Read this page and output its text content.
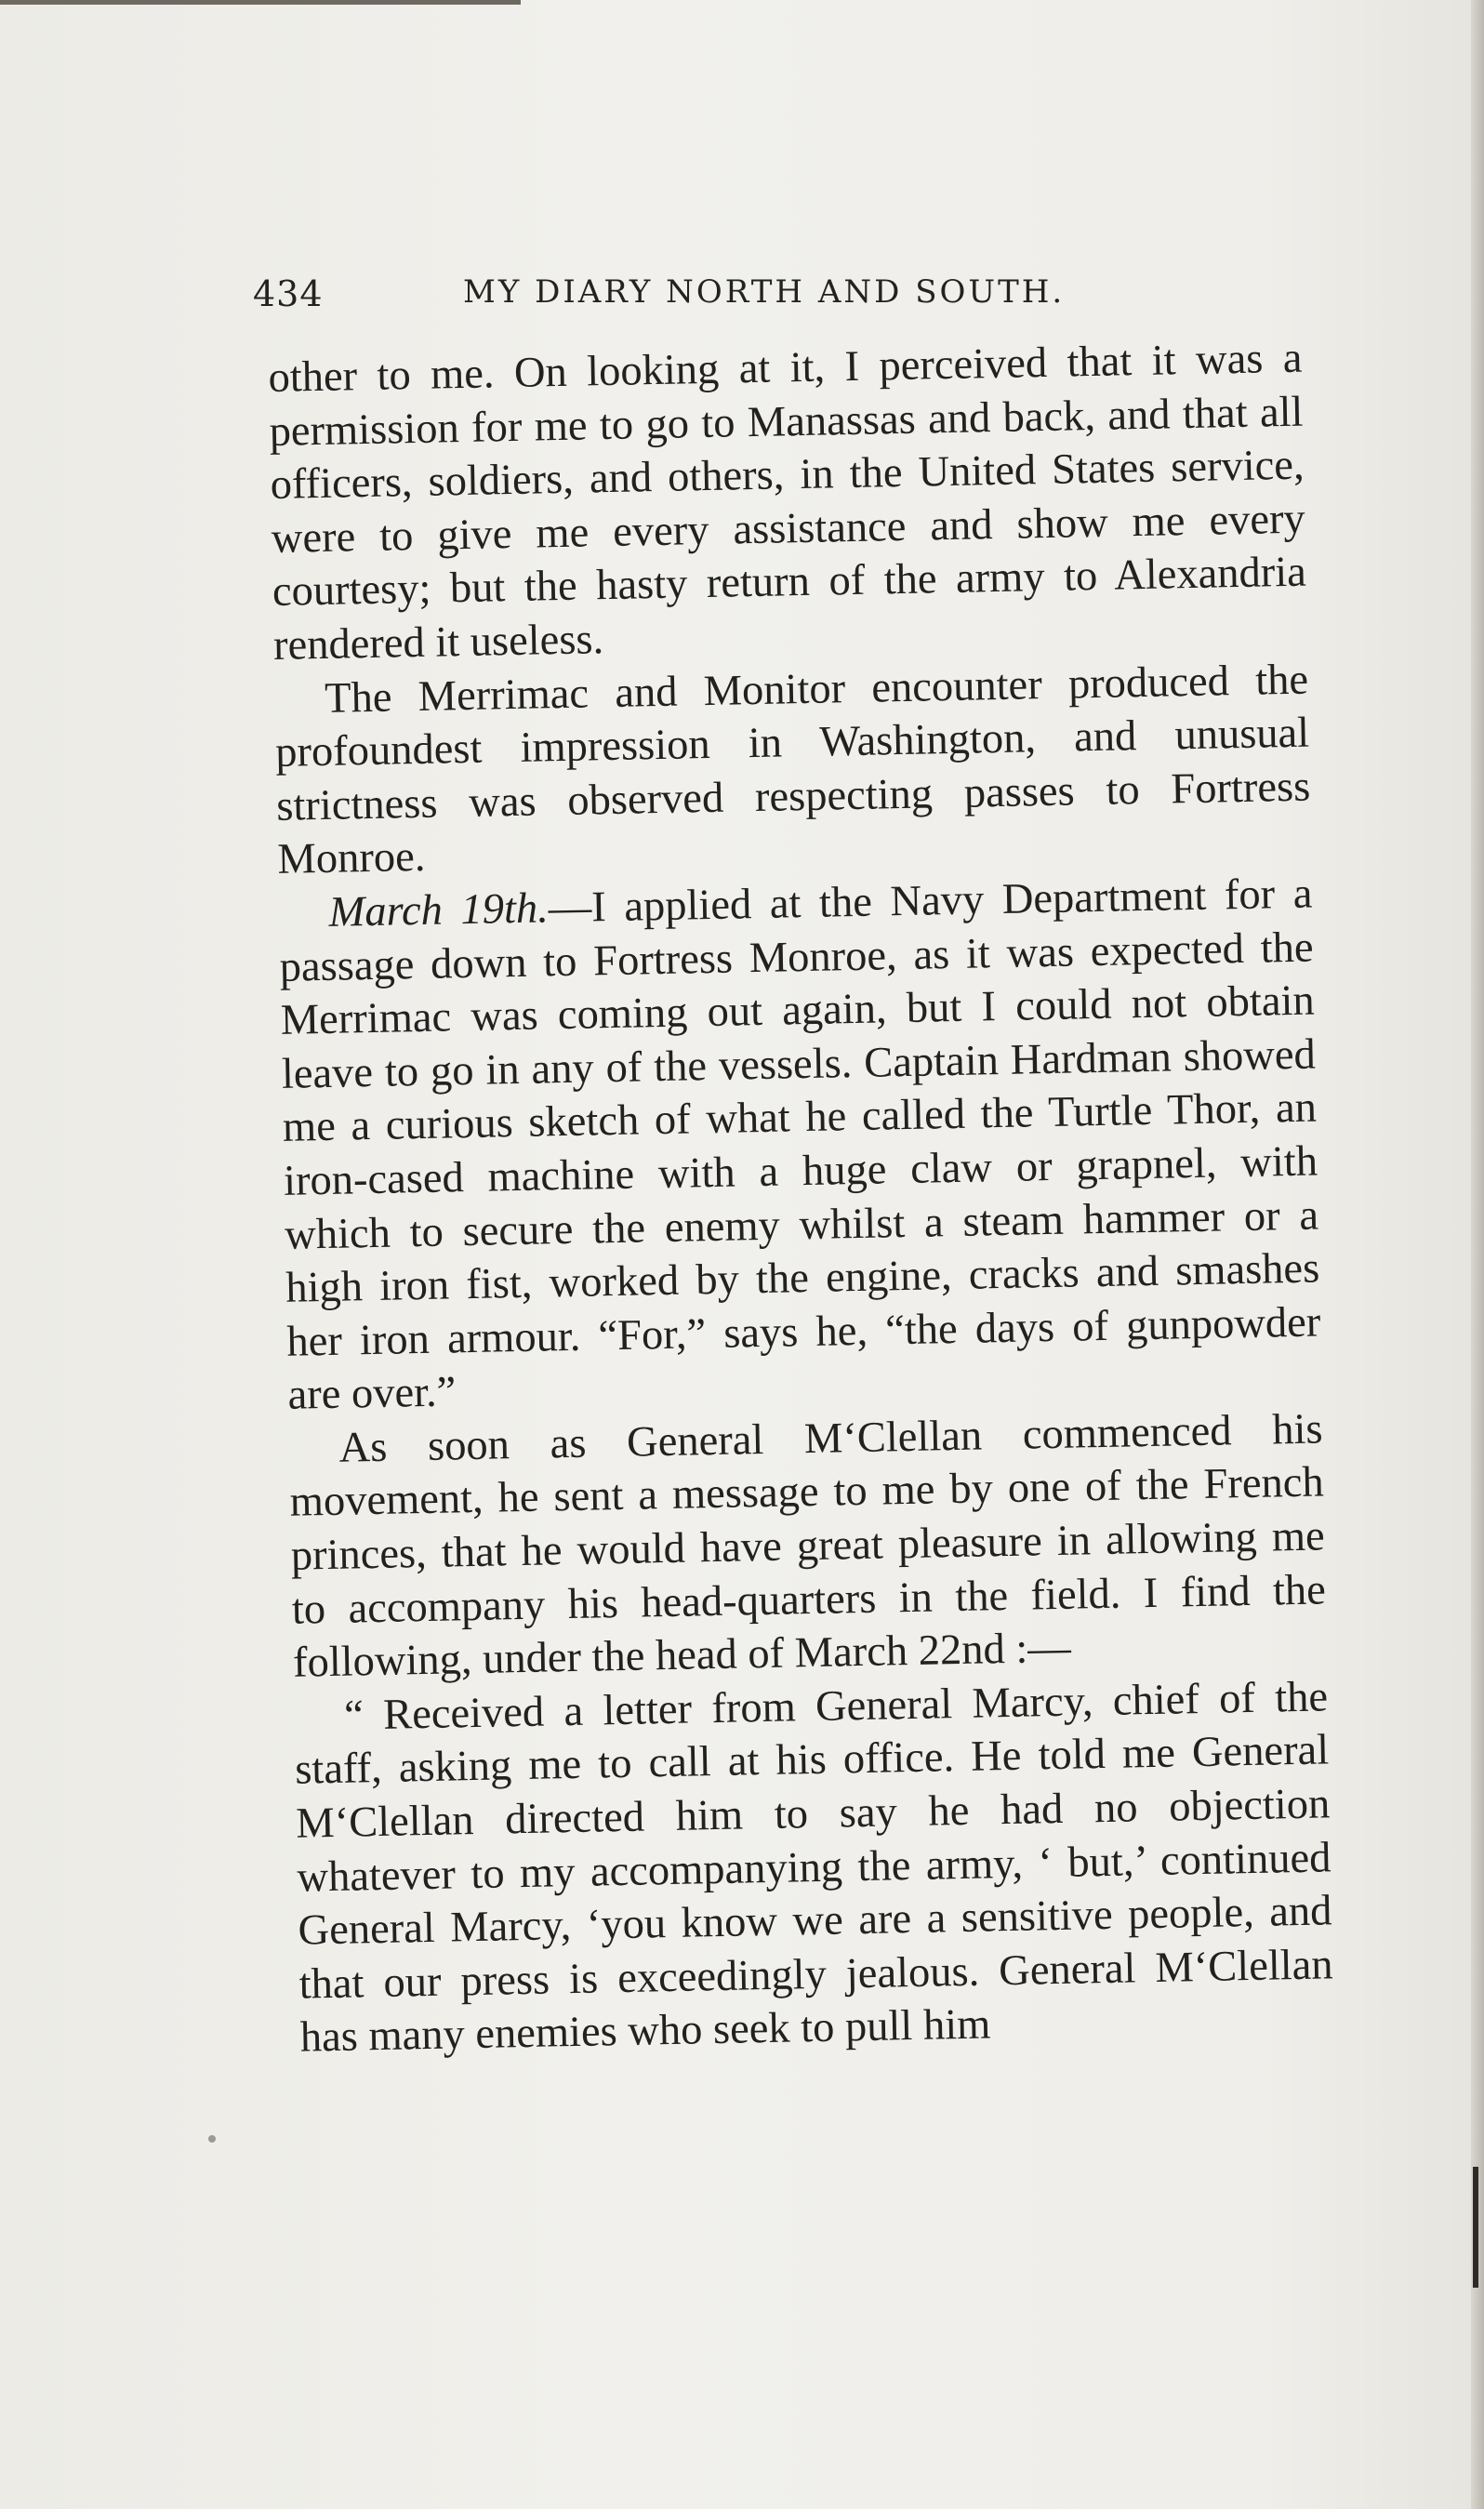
434	MY DIARY NORTH AND SOUTH.

other to me. On looking at it, I perceived that it was a permission for me to go to Manassas and back, and that all officers, soldiers, and others, in the United States service, were to give me every assistance and show me every courtesy; but the hasty return of the army to Alexandria rendered it useless.

The Merrimac and Monitor encounter produced the profoundest impression in Washington, and unusual strictness was observed respecting passes to Fortress Monroe.

March 19th.—I applied at the Navy Department for a passage down to Fortress Monroe, as it was expected the Merrimac was coming out again, but I could not obtain leave to go in any of the vessels. Captain Hardman showed me a curious sketch of what he called the Turtle Thor, an iron-cased machine with a huge claw or grapnel, with which to secure the enemy whilst a steam hammer or a high iron fist, worked by the engine, cracks and smashes her iron armour. “For,” says he, “the days of gunpowder are over.”

As soon as General M‘Clellan commenced his movement, he sent a message to me by one of the French princes, that he would have great pleasure in allowing me to accompany his head-quarters in the field. I find the following, under the head of March 22nd :—

“ Received a letter from General Marcy, chief of the staff, asking me to call at his office. He told me General M‘Clellan directed him to say he had no objection whatever to my accompanying the army, ‘ but,’ continued General Marcy, ‘you know we are a sensitive people, and that our press is exceedingly jealous. General M‘Clellan has many enemies who seek to pull him
